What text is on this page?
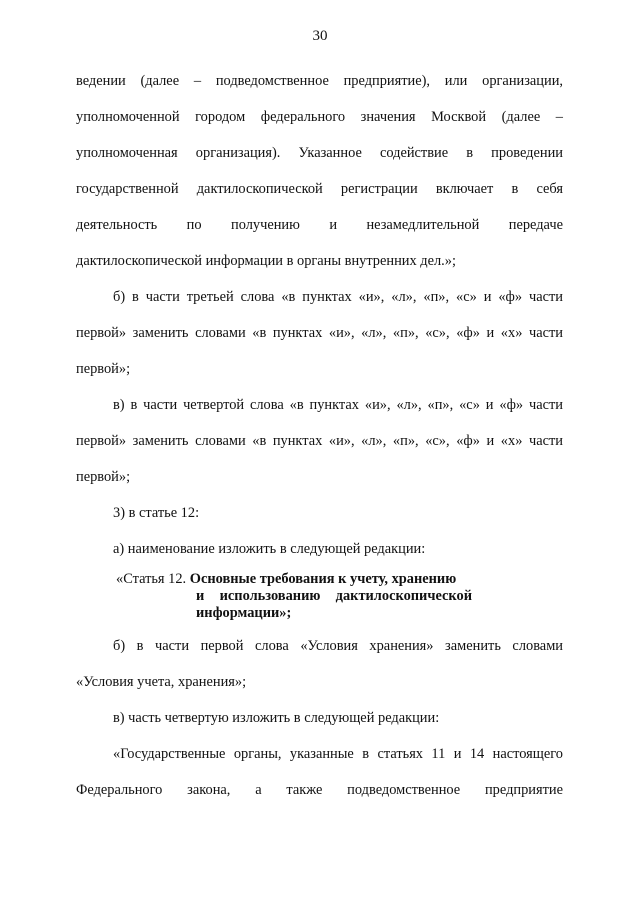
30
ведении (далее – подведомственное предприятие), или организации,
уполномоченной городом федерального значения Москвой (далее –
уполномоченная организация). Указанное содействие в проведении
государственной дактилоскопической регистрации включает в себя
деятельность по получению и незамедлительной передаче
дактилоскопической информации в органы внутренних дел.»;
б) в части третьей слова «в пунктах «и», «л», «п», «с» и «ф» части
первой» заменить словами «в пунктах «и», «л», «п», «с», «ф» и «х» части
первой»;
в) в части четвертой слова «в пунктах «и», «л», «п», «с» и «ф» части
первой» заменить словами «в пунктах «и», «л», «п», «с», «ф» и «х» части
первой»;
3) в статье 12:
а) наименование изложить в следующей редакции:
«Статья 12. Основные требования к учету, хранению
и использованию дактилоскопической
информации»;
б) в части первой слова «Условия хранения» заменить словами
«Условия учета, хранения»;
в) часть четвертую изложить в следующей редакции:
«Государственные органы, указанные в статьях 11 и 14 настоящего
Федерального закона, а также подведомственное предприятие
